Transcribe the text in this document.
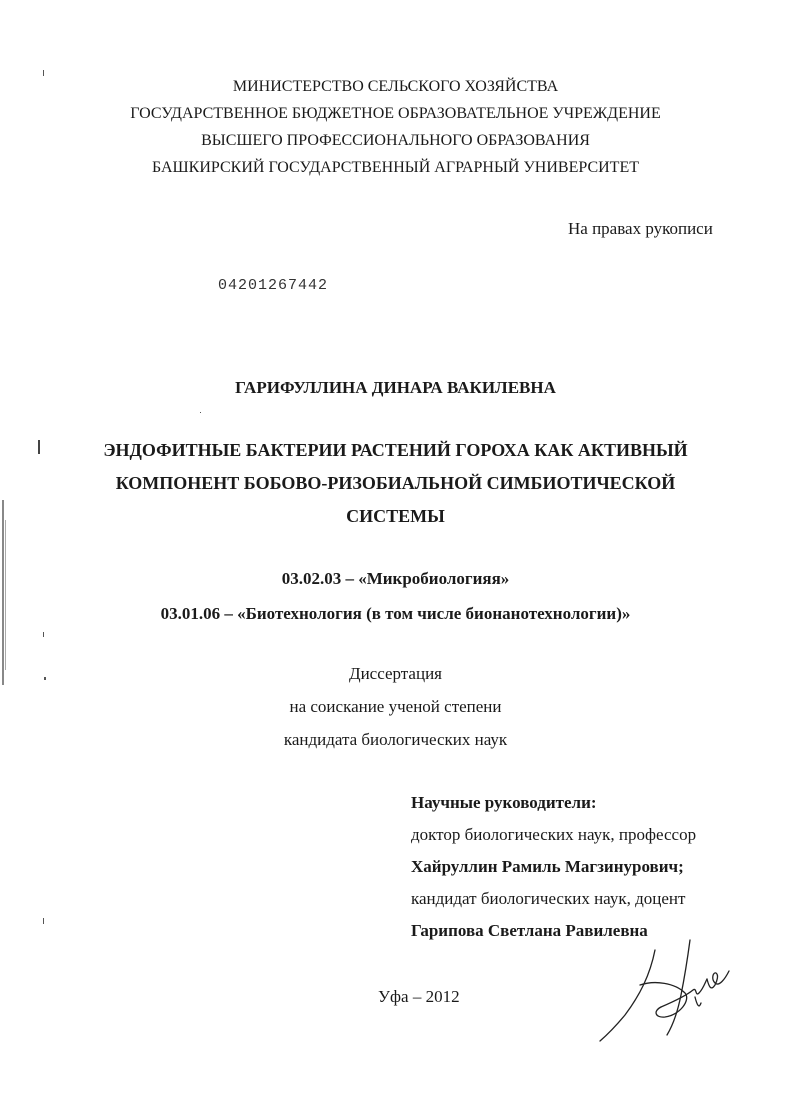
МИНИСТЕРСТВО СЕЛЬСКОГО ХОЗЯЙСТВА
ГОСУДАРСТВЕННОЕ БЮДЖЕТНОЕ ОБРАЗОВАТЕЛЬНОЕ УЧРЕЖДЕНИЕ
ВЫСШЕГО ПРОФЕССИОНАЛЬНОГО ОБРАЗОВАНИЯ
БАШКИРСКИЙ ГОСУДАРСТВЕННЫЙ АГРАРНЫЙ УНИВЕРСИТЕТ
На правах рукописи
04201267442
ГАРИФУЛЛИНА ДИНАРА ВАКИЛЕВНА
ЭНДОФИТНЫЕ БАКТЕРИИ РАСТЕНИЙ ГОРОХА КАК АКТИВНЫЙ
КОМПОНЕНТ БОБОВО-РИЗОБИАЛЬНОЙ СИМБИОТИЧЕСКОЙ
СИСТЕМЫ
03.02.03 – «Микробиологияя»
03.01.06 – «Биотехнология (в том числе бионанотехнологии)»
Диссертация
на соискание ученой степени
кандидата биологических наук
Научные руководители:
доктор биологических наук, профессор
Хайруллин Рамиль Магзинурович;
кандидат биологических наук, доцент
Гарипова Светлана Равилевна
Уфа – 2012
